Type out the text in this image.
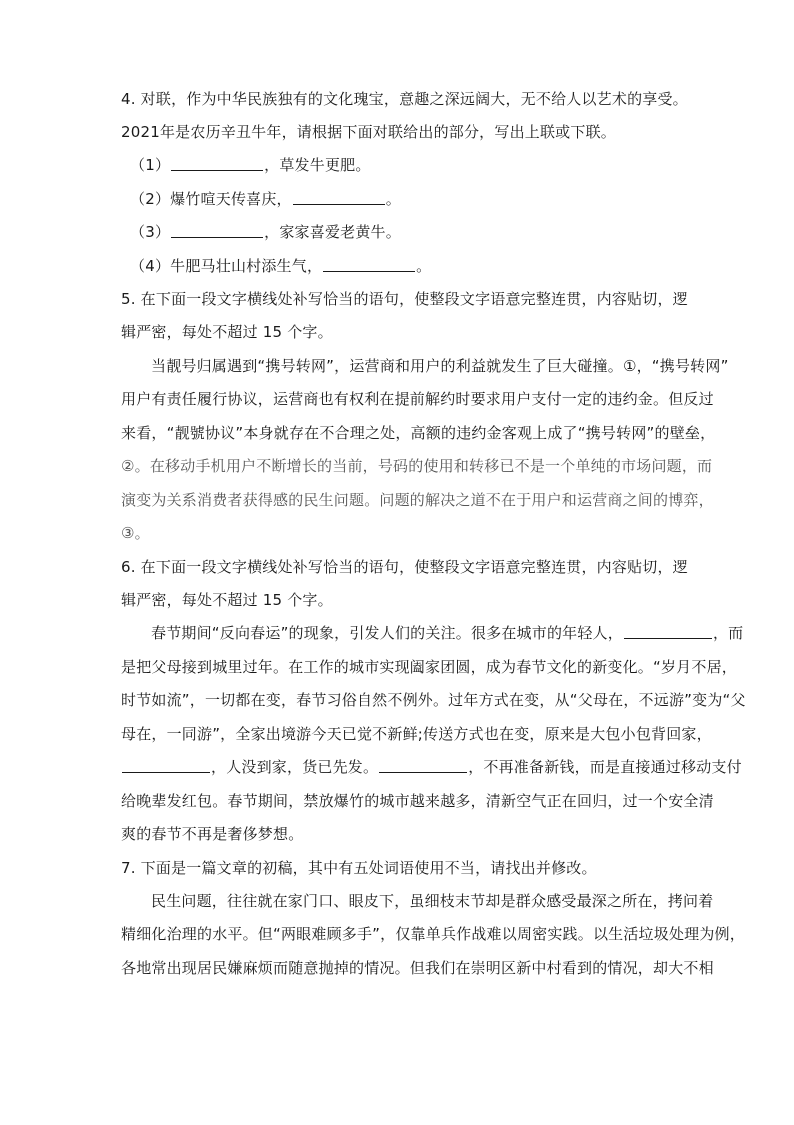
4. 对联，作为中华民族独有的文化瑰宝，意趣之深远阔大，无不给人以艺术的享受。
2021年是农历辛丑牛年，请根据下面对联给出的部分，写出上联或下联。
（1）	，草发牛更肥。
（2）爆竹喧天传喜庆，	。
（3）	，家家喜爱老黄牛。
（4）牛肥马壮山村添生气，	。
5. 在下面一段文字横线处补写恰当的语句，使整段文字语意完整连贯，内容贴切，逻
辑严密，每处不超过 15 个字。
当靓号归属遇到“携号转网”，运营商和用户的利益就发生了巨大碰撞。①，“携号转网”
用户有责任履行协议，运营商也有权利在提前解约时要求用户支付一定的违约金。但反过
来看，“靓號协议”本身就存在不合理之处，高额的违约金客观上成了“携号转网”的壁垒，
②。在移动手机用户不断增长的当前，号码的使用和转移已不是一个单纯的市场问题，而
演变为关系消费者获得感的民生问题。问题的解决之道不在于用户和运营商之间的博弈，
③。
6. 在下面一段文字横线处补写恰当的语句，使整段文字语意完整连贯，内容贴切，逻
辑严密，每处不超过 15 个字。
春节期间“反向春运”的现象，引发人们的关注。很多在城市的年轻人，	，而
是把父母接到城里过年。在工作的城市实现阖家团圆，成为春节文化的新变化。“岁月不居，
时节如流”，一切都在变，春节习俗自然不例外。过年方式在变，从“父母在，不远游”变为“父
母在，一同游”，全家出境游今天已觉不新鲜;传送方式也在变，原来是大包小包背回家，
，人没到家，货已先发。	，不再准备新钱，而是直接通过移动支付
给晚辈发红包。春节期间，禁放爆竹的城市越来越多，清新空气正在回归，过一个安全清
爽的春节不再是奢侈梦想。
7. 下面是一篇文章的初稿，其中有五处词语使用不当，请找出并修改。
民生问题，往往就在家门口、眼皮下，虽细枝末节却是群众感受最深之所在，拷问着
精细化治理的水平。但“两眼难顾多手”，仅靠单兵作战难以周密实践。以生活垃圾处理为例，
各地常出现居民嫌麻烦而随意抛掉的情况。但我们在崇明区新中村看到的情况，却大不相
